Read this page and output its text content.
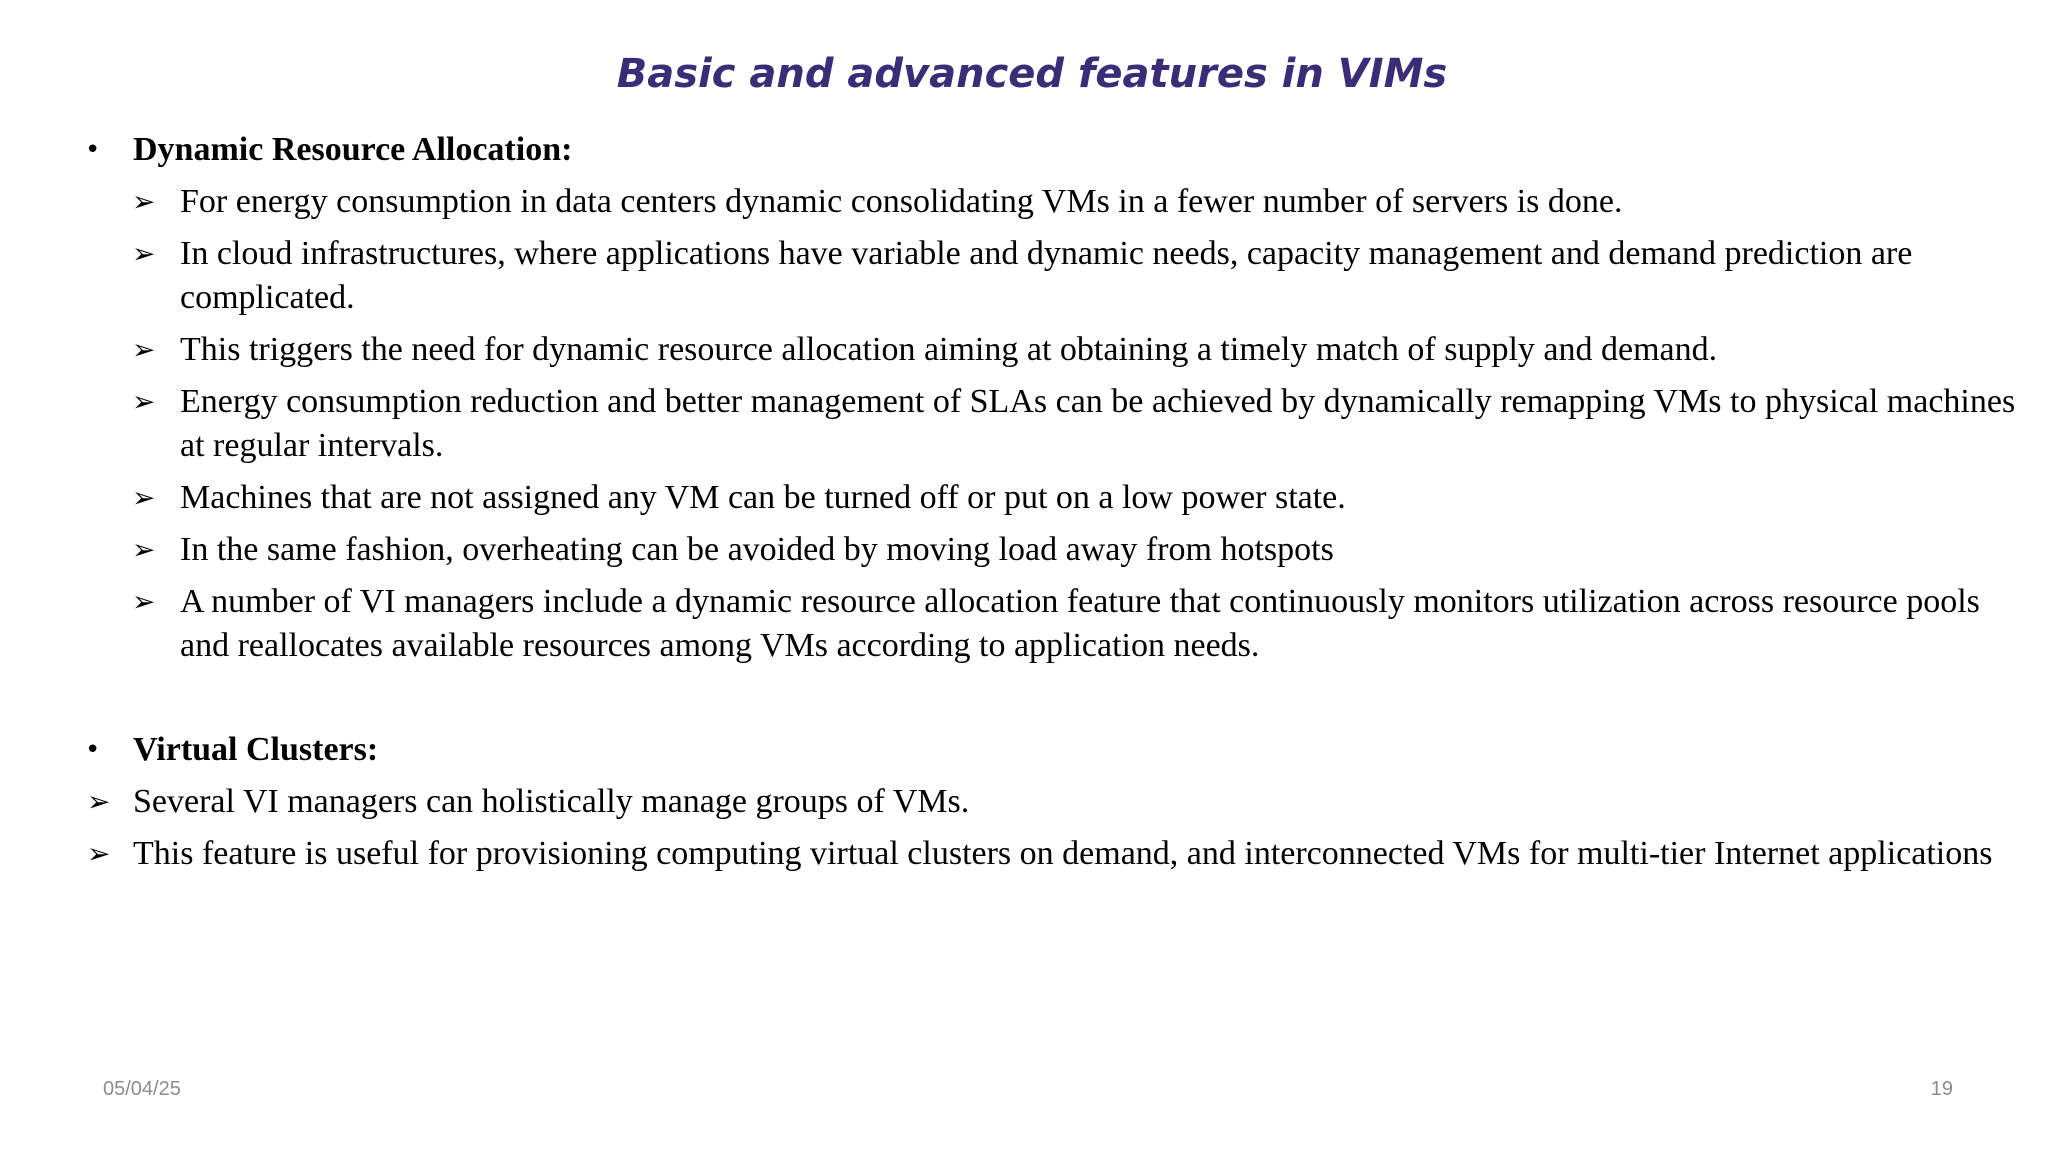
Basic and advanced features in VIMs
• Dynamic Resource Allocation:
➢ For energy consumption in data centers dynamic consolidating VMs in a fewer number of servers is done.
➢ In cloud infrastructures, where applications have variable and dynamic needs, capacity management and demand prediction are complicated.
➢ This triggers the need for dynamic resource allocation aiming at obtaining a timely match of supply and demand.
➢ Energy consumption reduction and better management of SLAs can be achieved by dynamically remapping VMs to physical machines at regular intervals.
➢ Machines that are not assigned any VM can be turned off or put on a low power state.
➢ In the same fashion, overheating can be avoided by moving load away from hotspots
➢ A number of VI managers include a dynamic resource allocation feature that continuously monitors utilization across resource pools and reallocates available resources among VMs according to application needs.
• Virtual Clusters:
➢ Several VI managers can holistically manage groups of VMs.
➢ This feature is useful for provisioning computing virtual clusters on demand, and interconnected VMs for multi-tier Internet applications
05/04/25	19
